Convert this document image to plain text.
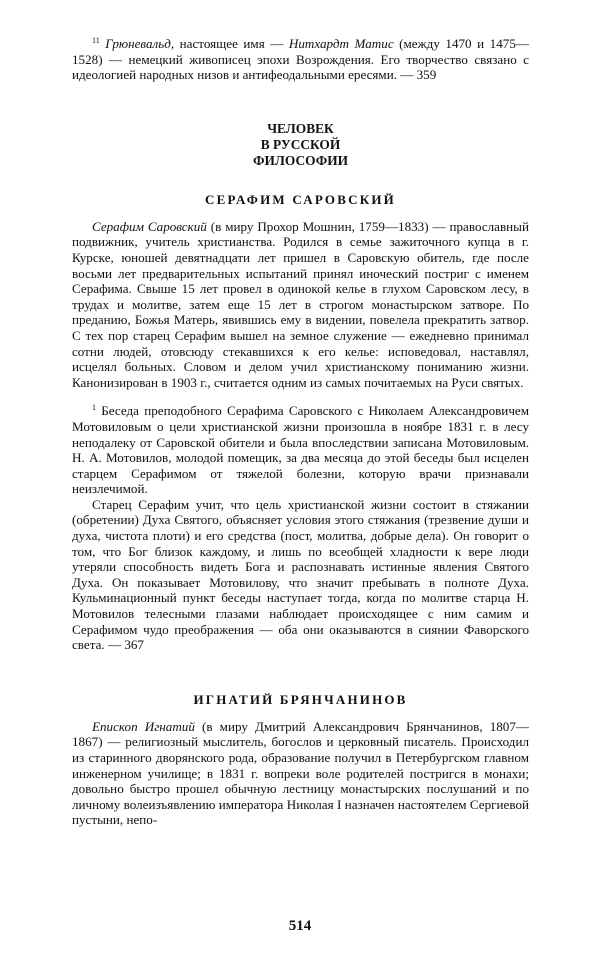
$^{11}$ Грюневальд, настоящее имя — Нитхардт Матис (между 1470 и 1475—1528) — немецкий живописец эпохи Возрождения. Его творчество связано с идеологией народных низов и антифеодальными ересями. — 359

ЧЕЛОВЕК
В РУССКОЙ
ФИЛОСОФИИ
СЕРАФИМ САРОВСКИЙ

Серафим Саровский (в миру Прохор Мошнин, 1759—1833) — православный подвижник, учитель христианства. Родился в семье зажиточного купца в г. Курске, юношей девятнадцати лет пришел в Саровскую обитель, где после восьми лет предварительных испытаний принял иноческий постриг с именем Серафима. Свыше 15 лет провел в одинокой келье в глухом Саровском лесу, в трудах и молитве, затем еще 15 лет в строгом монастырском затворе. По преданию, Божья Матерь, явившись ему в видении, повелела прекратить затвор. С тех пор старец Серафим вышел на земное служение — ежедневно принимал сотни людей, отовсюду стекавшихся к его келье: исповедовал, наставлял, исцелял больных. Словом и делом учил христианскому пониманию жизни. Канонизирован в 1903 г., считается одним из самых почитаемых на Руси святых.

$^1$ Беседа преподобного Серафима Саровского с Николаем Александровичем Мотовиловым о цели христианской жизни произошла в ноябре 1831 г. в лесу неподалеку от Саровской обители и была впоследствии записана Мотовиловым. Н. А. Мотовилов, молодой помещик, за два месяца до этой беседы был исцелен старцем Серафимом от тяжелой болезни, которую врачи признавали неизлечимой.

Старец Серафим учит, что цель христианской жизни состоит в стяжании (обретении) Духа Святого, объясняет условия этого стяжания (трезвение души и духа, чистота плоти) и его средства (пост, молитва, добрые дела). Он говорит о том, что Бог близок каждому, и лишь по всеобщей хладности к вере люди утеряли способность видеть Бога и распознавать истинные явления Святого Духа. Он показывает Мотовилову, что значит пребывать в полноте Духа. Кульминационный пункт беседы наступает тогда, когда по молитве старца Н. Мотовилов телесными глазами наблюдает происходящее с ним самим и Серафимом чудо преображения — оба они оказываются в сиянии Фаворского света. — 367

ИГНАТИЙ БРЯНЧАНИНОВ

Епископ Игнатий (в миру Дмитрий Александрович Брянчанинов, 1807—1867) — религиозный мыслитель, богослов и церковный писатель. Происходил из старинного дворянского рода, образование получил в Петербургском главном инженерном училище; в 1831 г. вопреки воле родителей постригся в монахи; довольно быстро прошел обычную лестницу монастырских послушаний и по личному волеизъявлению императора Николая I назначен настоятелем Сергиевой пустыни, непо-

514
